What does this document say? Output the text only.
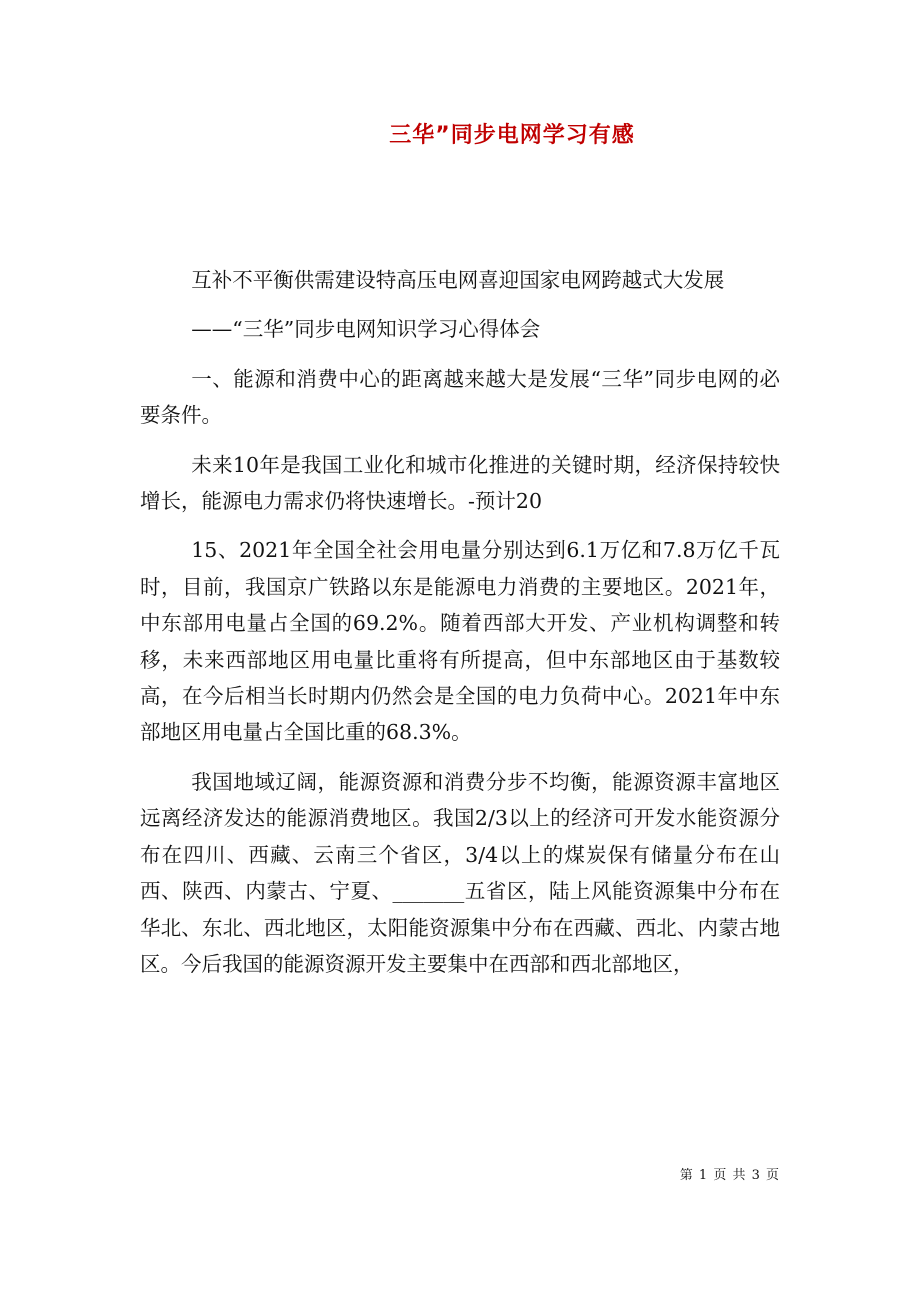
三华”同步电网学习有感

互补不平衡供需建设特高压电网喜迎国家电网跨越式大发展

——“三华”同步电网知识学习心得体会

一、能源和消费中心的距离越来越大是发展“三华”同步电网的必要条件。

未来10年是我国工业化和城市化推进的关键时期，经济保持较快增长，能源电力需求仍将快速增长。-预计20

15、2021年全国全社会用电量分别达到6.1万亿和7.8万亿千瓦时，目前，我国京广铁路以东是能源电力消费的主要地区。2021年，中东部用电量占全国的69.2%。随着西部大开发、产业机构调整和转移，未来西部地区用电量比重将有所提高，但中东部地区由于基数较高，在今后相当长时期内仍然会是全国的电力负荷中心。2021年中东部地区用电量占全国比重的68.3%。

我国地域辽阔，能源资源和消费分步不均衡，能源资源丰富地区远离经济发达的能源消费地区。我国2/3以上的经济可开发水能资源分布在四川、西藏、云南三个省区，3/4以上的煤炭保有储量分布在山西、陕西、内蒙古、宁夏、_______五省区，陆上风能资源集中分布在华北、东北、西北地区，太阳能资源集中分布在西藏、西北、内蒙古地区。今后我国的能源资源开发主要集中在西部和西北部地区，

第 1 页 共 3 页
